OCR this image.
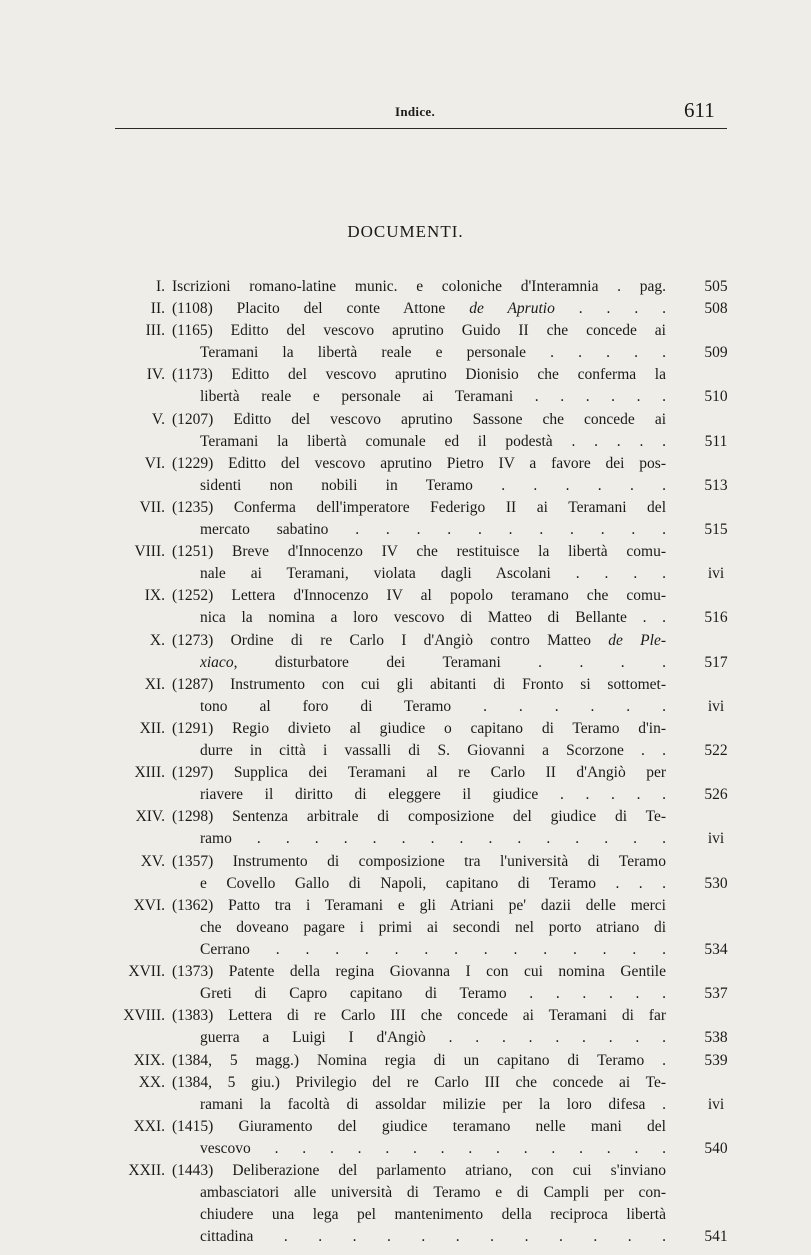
Indice.	611
DOCUMENTI.
I. Iscrizioni romano-latine munic. e coloniche d'Interamnia . pag. 505
II. (1108) Placito del conte Attone de Aprutio . . . . 508
III. (1165) Editto del vescovo aprutino Guido II che concede ai
Teramani la libertà reale e personale . . . . . 509
IV. (1173) Editto del vescovo aprutino Dionisio che conferma la
libertà reale e personale ai Teramani . . . . . . 510
V. (1207) Editto del vescovo aprutino Sassone che concede ai
Teramani la libertà comunale ed il podestà . . . . .	511
VI. (1229) Editto del vescovo aprutino Pietro IV a favore dei pos-
sidenti non nobili in Teramo . . . . . . 513
VII. (1235) Conferma dell'imperatore Federigo II ai Teramani del
mercato sabatino . . . . . . . . . . . 515
VIII. (1251) Breve d'Innocenzo IV che restituisce la libertà comu-
nale ai Teramani, violata dagli Ascolani . . . .	ivi
IX. (1252) Lettera d'Innocenzo IV al popolo teramano che comu-
nica la nomina a loro vescovo di Matteo di Bellante . . 516
X. (1273) Ordine di re Carlo I d'Angiò contro Matteo de Ple-
xiaco, disturbatore dei Teramani . . . . 517
XI. (1287) Instrumento con cui gli abitanti di Fronto si sottomet-
tono al foro di Teramo . . . . . .	ivi
XII. (1291) Regio divieto al giudice o capitano di Teramo d'in-
durre in città i vassalli di S. Giovanni a Scorzone . . 522
XIII. (1297) Supplica dei Teramani al re Carlo II d'Angiò per
riavere il diritto di eleggere il giudice . . . . . 526
XIV. (1298) Sentenza arbitrale di composizione del giudice di Te-
ramo . . . . . . . . . . . . . . .	ivi
XV. (1357) Instrumento di composizione tra l'università di Teramo
e Covello Gallo di Napoli, capitano di Teramo . . . 530
XVI. (1362) Patto tra i Teramani e gli Atriani pe' dazii delle merci
che doveano pagare i primi ai secondi nel porto atriano di
Cerrano . . . . . . . . . . . . . . 534
XVII. (1373) Patente della regina Giovanna I con cui nomina Gentile
Greti di Capro capitano di Teramo . . . . . . 537
XVIII. (1383) Lettera di re Carlo III che concede ai Teramani di far
guerra a Luigi I d'Angiò . . . . . . . . . 538
XIX. (1384, 5 magg.) Nomina regia di un capitano di Teramo . 539
XX. (1384, 5 giu.) Privilegio del re Carlo III che concede ai Te-
ramani la facoltà di assoldar milizie per la loro difesa .	ivi
XXI. (1415) Giuramento del giudice teramano nelle mani del
vescovo . . . . . . . . . . . . . . . 540
XXII. (1443) Deliberazione del parlamento atriano, con cui s'inviano
ambasciatori alle università di Teramo e di Campli per con-
chiudere una lega pel mantenimento della reciproca libertà
cittadina . . . . . . . . . . . . 541
